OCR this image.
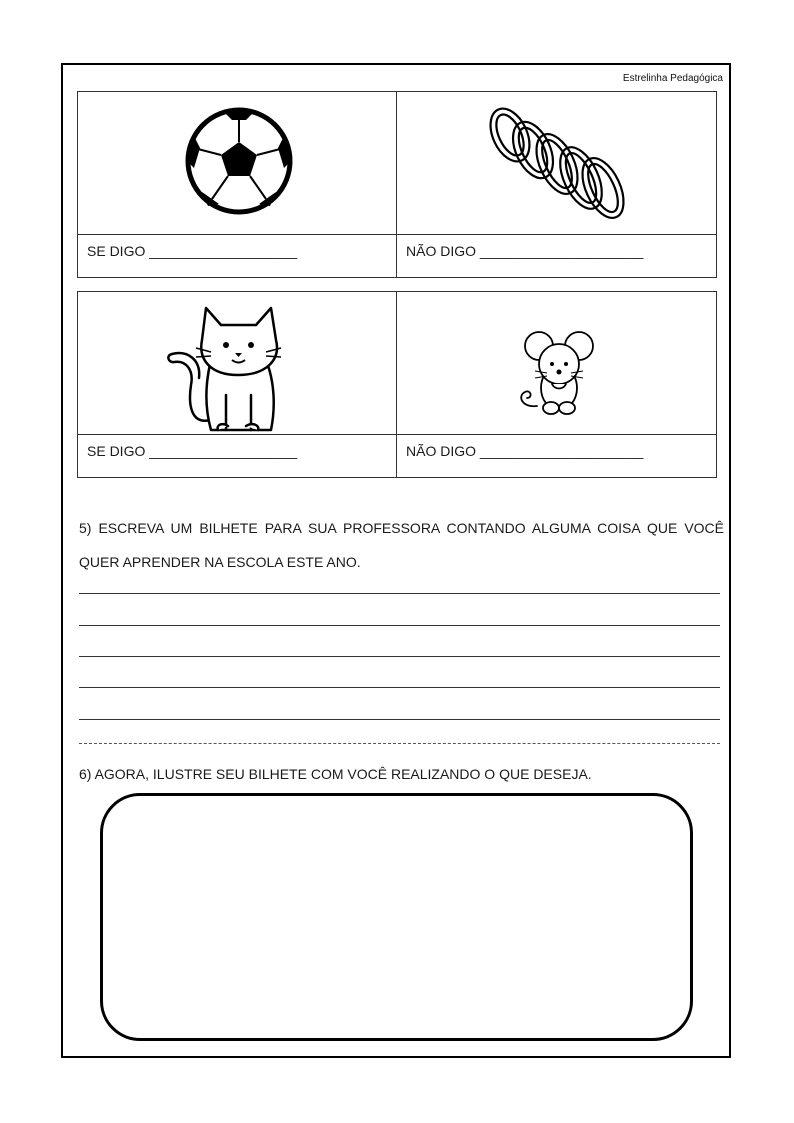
Estrelinha Pedagógica
SE DIGO ___________________	NÃO DIGO _____________________
SE DIGO ___________________	NÃO DIGO _____________________
5) ESCREVA UM BILHETE PARA SUA PROFESSORA CONTANDO ALGUMA COISA QUE VOCÊ QUER APRENDER NA ESCOLA ESTE ANO.
6) AGORA, ILUSTRE SEU BILHETE COM VOCÊ REALIZANDO O QUE DESEJA.
